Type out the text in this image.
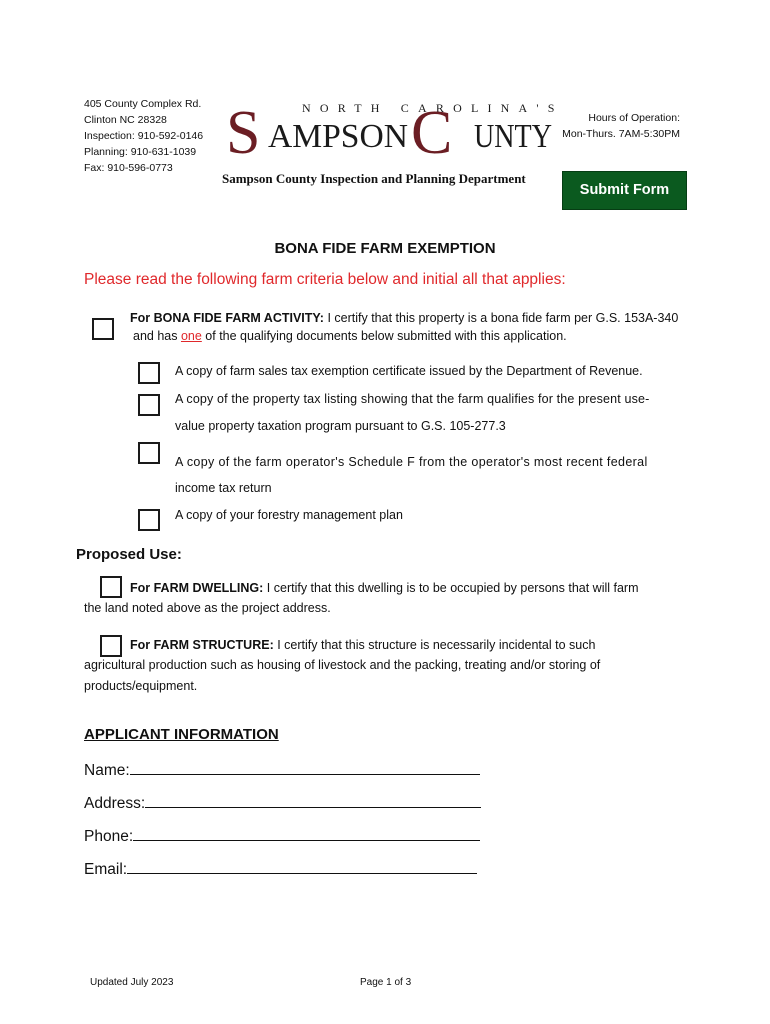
405 County Complex Rd.
Clinton NC 28328
Inspection: 910-592-0146
Planning: 910-631-1039
Fax: 910-596-0773
NORTH CAROLINA'S
S AMPSON C UNTY	Hours of Operation:
Mon-Thurs. 7AM-5:30PM
Sampson County Inspection and Planning Department
Submit Form
BONA FIDE FARM EXEMPTION
Please read the following farm criteria below and initial all that applies:
For BONA FIDE FARM ACTIVITY: I certify that this property is a bona fide farm per G.S. 153A-340
and has one of the qualifying documents below submitted with this application.
A copy of farm sales tax exemption certificate issued by the Department of Revenue.
A copy of the property tax listing showing that the farm qualifies for the present use-
value property taxation program pursuant to G.S. 105-277.3
A copy of the farm operator's Schedule F from the operator's most recent federal
income tax return
A copy of your forestry management plan
Proposed Use:
For FARM DWELLING: I certify that this dwelling is to be occupied by persons that will farm
the land noted above as the project address.
For FARM STRUCTURE: I certify that this structure is necessarily incidental to such
agricultural production such as housing of livestock and the packing, treating and/or storing of
products/equipment.
APPLICANT INFORMATION
Name:
Address:
Phone:
Email:
Updated July 2023	Page 1 of 3
